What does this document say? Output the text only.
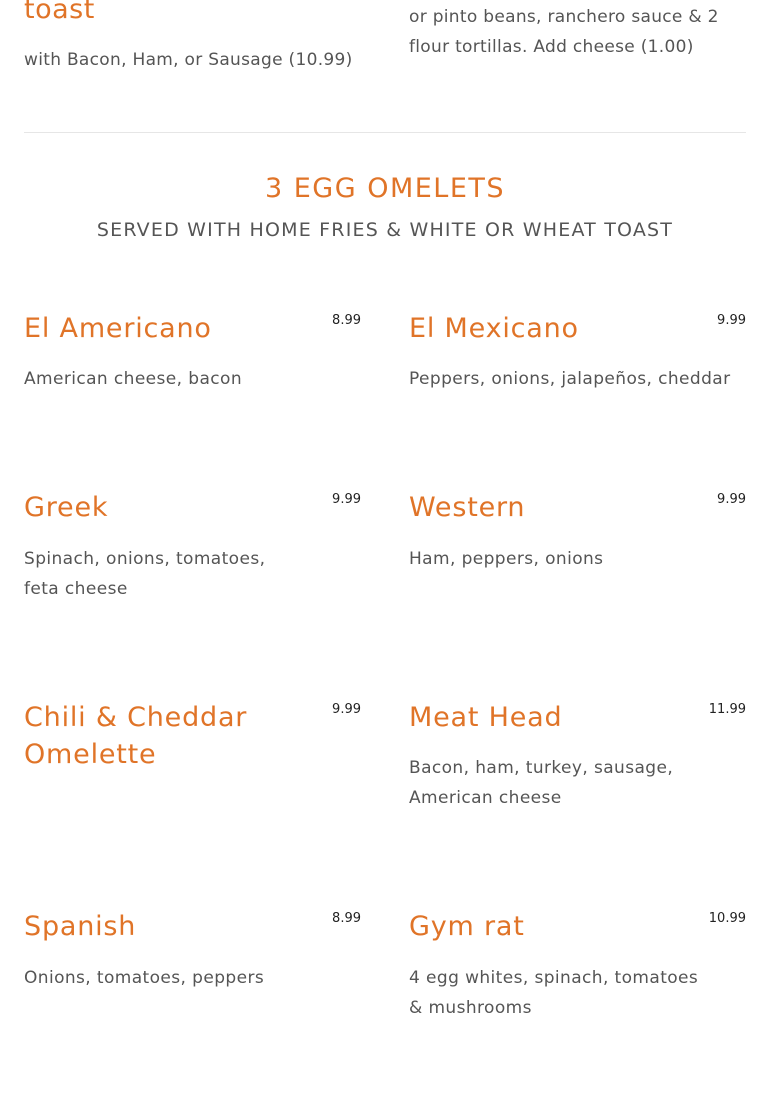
toast
with Bacon, Ham, or Sausage (10.99)
or pinto beans, ranchero sauce & 2 flour tortillas. Add cheese (1.00)
3 EGG OMELETS
SERVED WITH HOME FRIES & WHITE OR WHEAT TOAST
El Americano	8.99
American cheese, bacon
El Mexicano	9.99
Peppers, onions, jalapeños, cheddar
Greek	9.99
Spinach, onions, tomatoes, feta cheese
Western	9.99
Ham, peppers, onions
Chili & Cheddar Omelette
9.99 Meat Head	11.99
Bacon, ham, turkey, sausage, American cheese
Spanish	8.99
Onions, tomatoes, peppers
Gym rat	10.99
4 egg whites, spinach, tomatoes & mushrooms
